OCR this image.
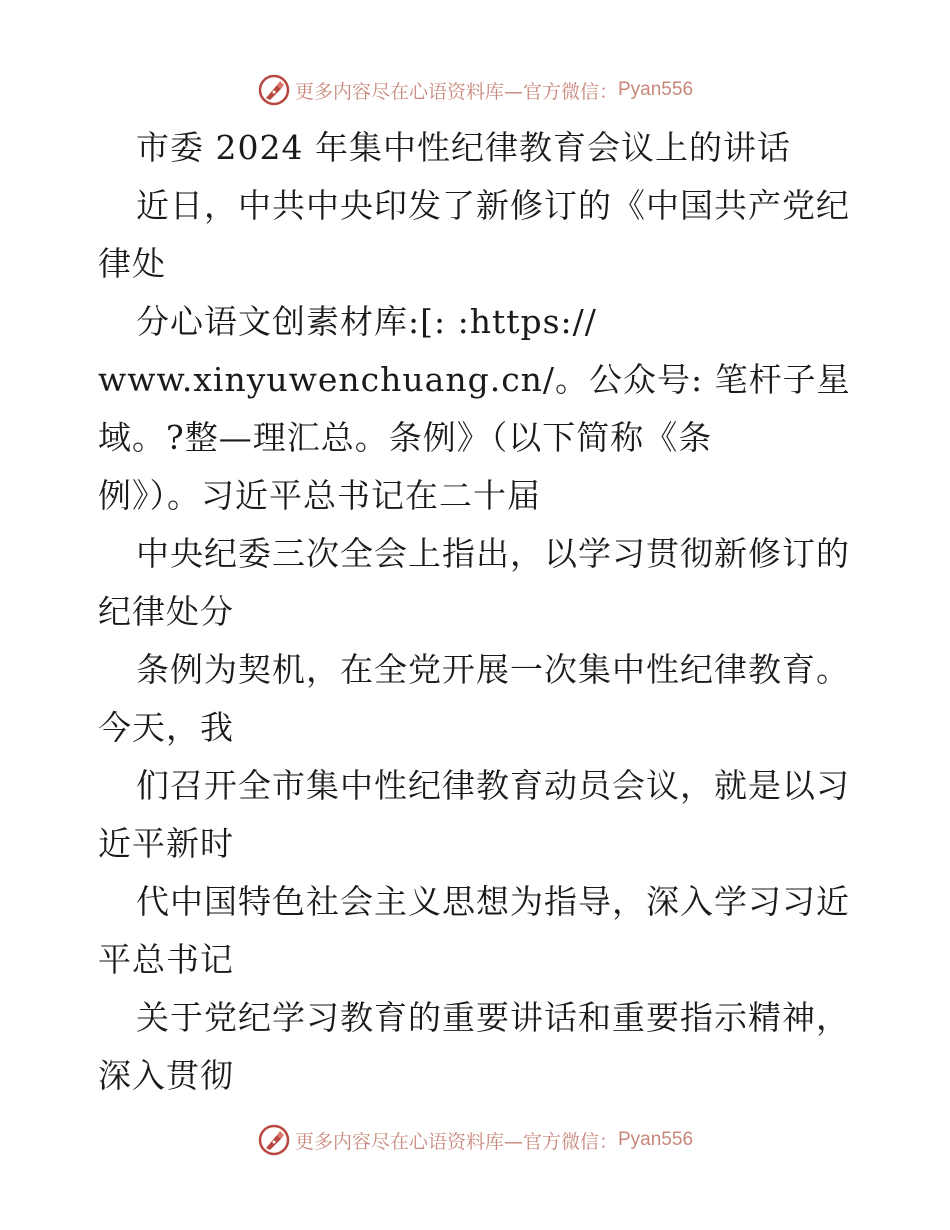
更多内容尽在心语资料库—官方微信： Pyan556
市委 2024 年集中性纪律教育会议上的讲话
近日，中共中央印发了新修订的《中国共产党纪
律处
分心语文创素材库:[: :https://
www.xinyuwenchuang.cn/。公众号: 笔杆子星
域。?整—理汇总。条例》（以下简称《条
例》）。习近平总书记在二十届
中央纪委三次全会上指出，以学习贯彻新修订的
纪律处分
条例为契机，在全党开展一次集中性纪律教育。
今天，我
们召开全市集中性纪律教育动员会议，就是以习
近平新时
代中国特色社会主义思想为指导，深入学习习近
平总书记
关于党纪学习教育的重要讲话和重要指示精神，
深入贯彻
更多内容尽在心语资料库—官方微信： Pyan556
